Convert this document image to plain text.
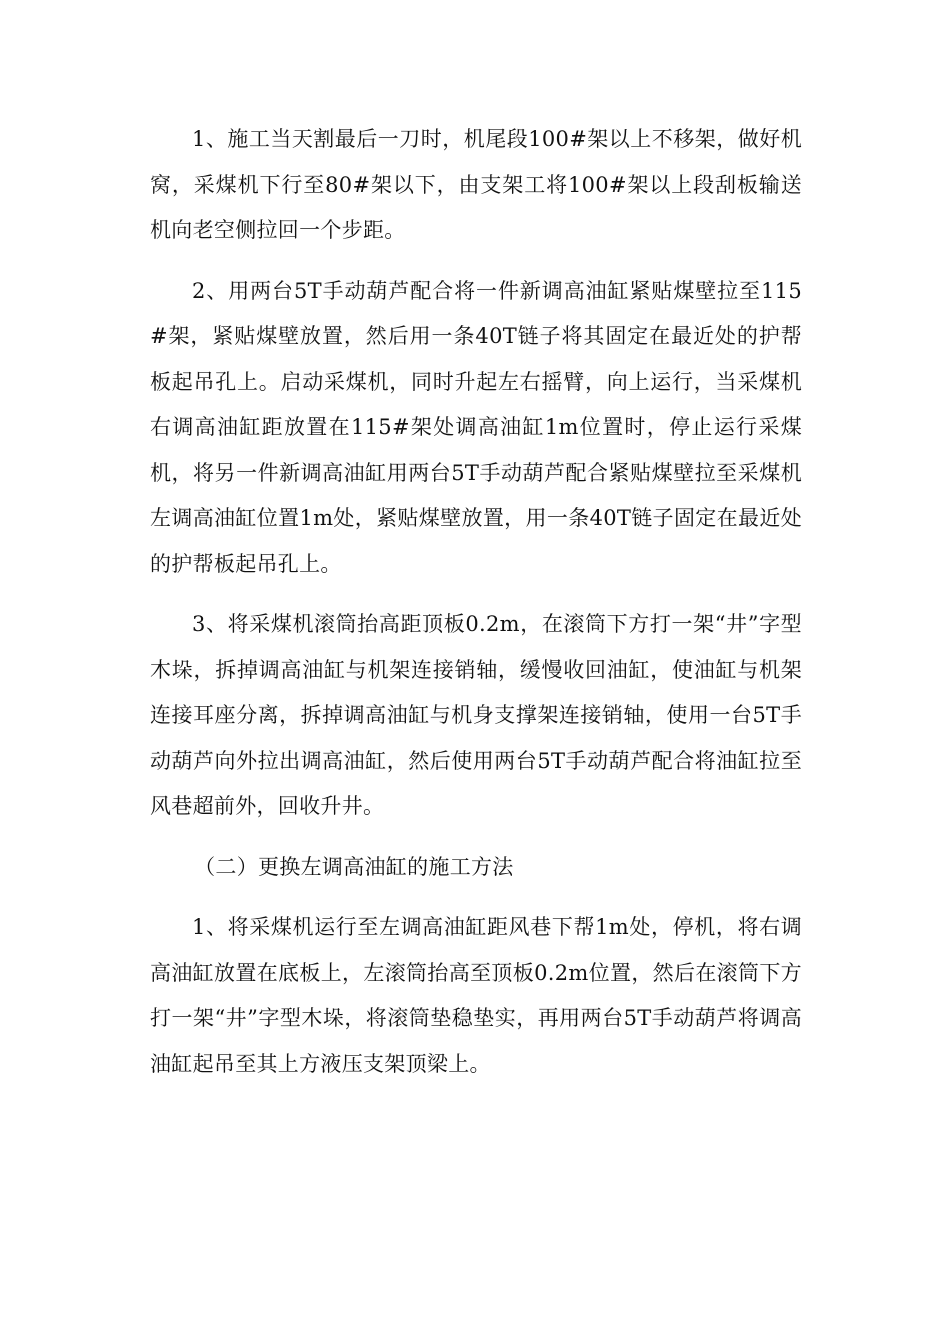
1、施工当天割最后一刀时，机尾段100#架以上不移架，做好机窝，采煤机下行至80#架以下，由支架工将100#架以上段刮板输送机向老空侧拉回一个步距。

2、用两台5T手动葫芦配合将一件新调高油缸紧贴煤壁拉至115#架，紧贴煤壁放置，然后用一条40T链子将其固定在最近处的护帮板起吊孔上。启动采煤机，同时升起左右摇臂，向上运行，当采煤机右调高油缸距放置在115#架处调高油缸1m位置时，停止运行采煤机，将另一件新调高油缸用两台5T手动葫芦配合紧贴煤壁拉至采煤机左调高油缸位置1m处，紧贴煤壁放置，用一条40T链子固定在最近处的护帮板起吊孔上。

3、将采煤机滚筒抬高距顶板0.2m，在滚筒下方打一架“井”字型木垛，拆掉调高油缸与机架连接销轴，缓慢收回油缸，使油缸与机架连接耳座分离，拆掉调高油缸与机身支撑架连接销轴，使用一台5T手动葫芦向外拉出调高油缸，然后使用两台5T手动葫芦配合将油缸拉至风巷超前外，回收升井。

（二）更换左调高油缸的施工方法

1、将采煤机运行至左调高油缸距风巷下帮1m处，停机，将右调高油缸放置在底板上，左滚筒抬高至顶板0.2m位置，然后在滚筒下方打一架“井”字型木垛，将滚筒垫稳垫实，再用两台5T手动葫芦将调高油缸起吊至其上方液压支架顶梁上。
